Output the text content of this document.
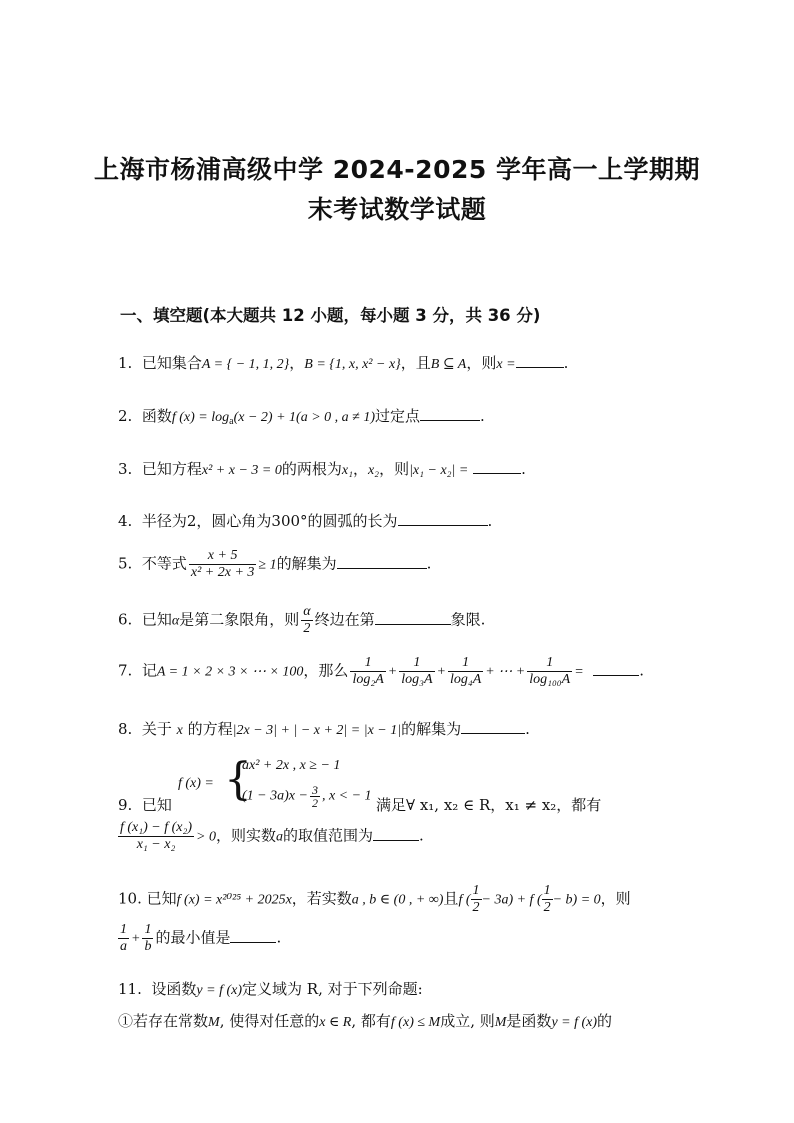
上海市杨浦高级中学 2024-2025 学年高一上学期期
末考试数学试题
一、填空题(本大题共 12 小题，每小题 3 分，共 36 分)
1. 已知集合A = { − 1, 1, 2}，B = {1, x, x² − x}，且B ⊆ A，则x =	.
2. 函数f $(x) = \log_a(x - 2) + 1(a > 0$ , a ≠ 1)过定点	.
3. 已知方程x² + x − 3 = 0的两根为x₁，x₂，则|x₁ − x₂| =	.
4. 半径为2，圆心角为300°的圆弧的长为	.
5. 不等式 $\frac{x + 5}{\text{x² + 2x + 3}} \ge 1$的解集为	.
6. 已知α是第二象限角，则 $\frac{\alpha}{2}$ 终边在第	象限.
7. 记A = 1 × 2 × 3 × ⋯ × 100，那么 $\frac{1}{\text{log₂A}} + \frac{1}{\text{log₃A}} + \frac{1}{\text{log₄A}}$ + ⋯ + $\frac{1}{\text{log₁₀₀A}}$ =	.
8. 关于 x 的方程|2x − 3| + | − x + 2| = |x − 1|的解集为	.
f (x) = {
ax² + 2x , x ≥ − 1
$(1 - 3a)x - \frac{3}{2}$ , x < − 1
9. 已知	满足∀ x₁, x₂ ∈ R，x₁ ≠ x₂，都有
$\frac{\text{f (x₁) − f (x₂)}}{\text{x₁ − x₂}} > 0$，则实数a的取值范围为	.
10. 已知f (x) = x²⁰²⁵ + 2025x，若实数a , b ∈ (0 , + ∞)且f ( $\frac{1}{2} - 3a) + f$ ( $\frac{1}{2} - b) = 0$，则
$\frac{1}{a} + \frac{1}{b}$ 的最小值是	.
11. 设函数y = f (x)定义域为 R, 对于下列命题:
①若存在常数M, 使得对任意的x ∈ R, 都有f (x) ≤ M成立, 则M是函数y = f (x)的
